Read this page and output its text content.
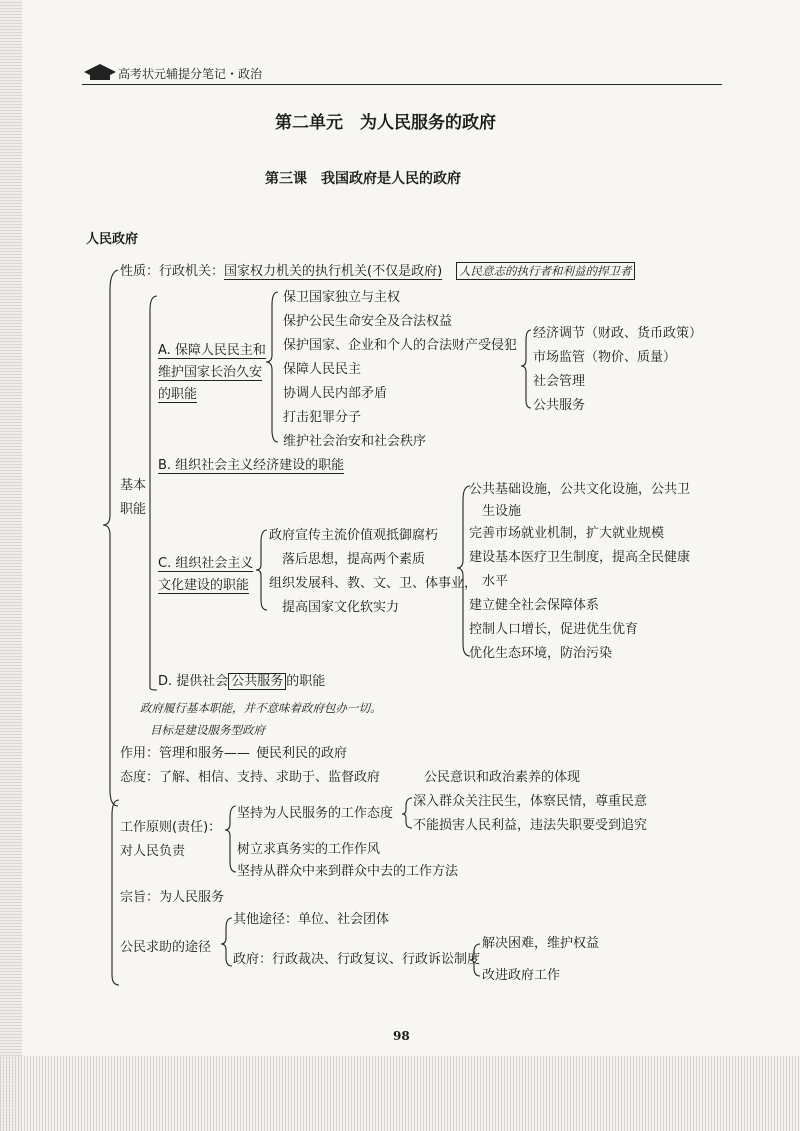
高考状元辅提分笔记・政治
第二单元　为人民服务的政府
第三课　我国政府是人民的政府
人民政府
性质：行政机关：国家权力机关的执行机关(不仅是政府) 人民意志的执行者和利益的捍卫者
A. 保障人民民主和维护国家长治久安的职能
保卫国家独立与主权
保护公民生命安全及合法权益
保护国家、企业和个人的合法财产受侵犯
保障人民民主
协调人民内部矛盾
打击犯罪分子
维护社会治安和社会秩序
经济调节（财政、货币政策）
市场监管（物价、质量）
社会管理
公共服务
基本职能
B. 组织社会主义经济建设的职能
C. 组织社会主义文化建设的职能
政府宣传主流价值观抵御腐朽
落后思想，提高两个素质
组织发展科、教、文、卫、体事业，
提高国家文化软实力
公共基础设施，公共文化设施，公共卫
生设施
完善市场就业机制，扩大就业规模
建设基本医疗卫生制度，提高全民健康
水平
建立健全社会保障体系
控制人口增长，促进优生优育
优化生态环境，防治污染
D. 提供社会 公共服务 的职能
政府履行基本职能，并不意味着政府包办一切。
目标是建设服务型政府
作用：管理和服务—— 便民利民的政府
态度：了解、相信、支持、求助于、监督政府	公民意识和政治素养的体现
工作原则(责任)：
对人民负责
坚持为人民服务的工作态度
树立求真务实的工作作风
坚持从群众中来到群众中去的工作方法
深入群众关注民生，体察民情，尊重民意
不能损害人民利益，违法失职要受到追究
宗旨：为人民服务
公民求助的途径
其他途径：单位、社会团体
政府：行政裁决、行政复议、行政诉讼制度
解决困难，维护权益
改进政府工作
98
